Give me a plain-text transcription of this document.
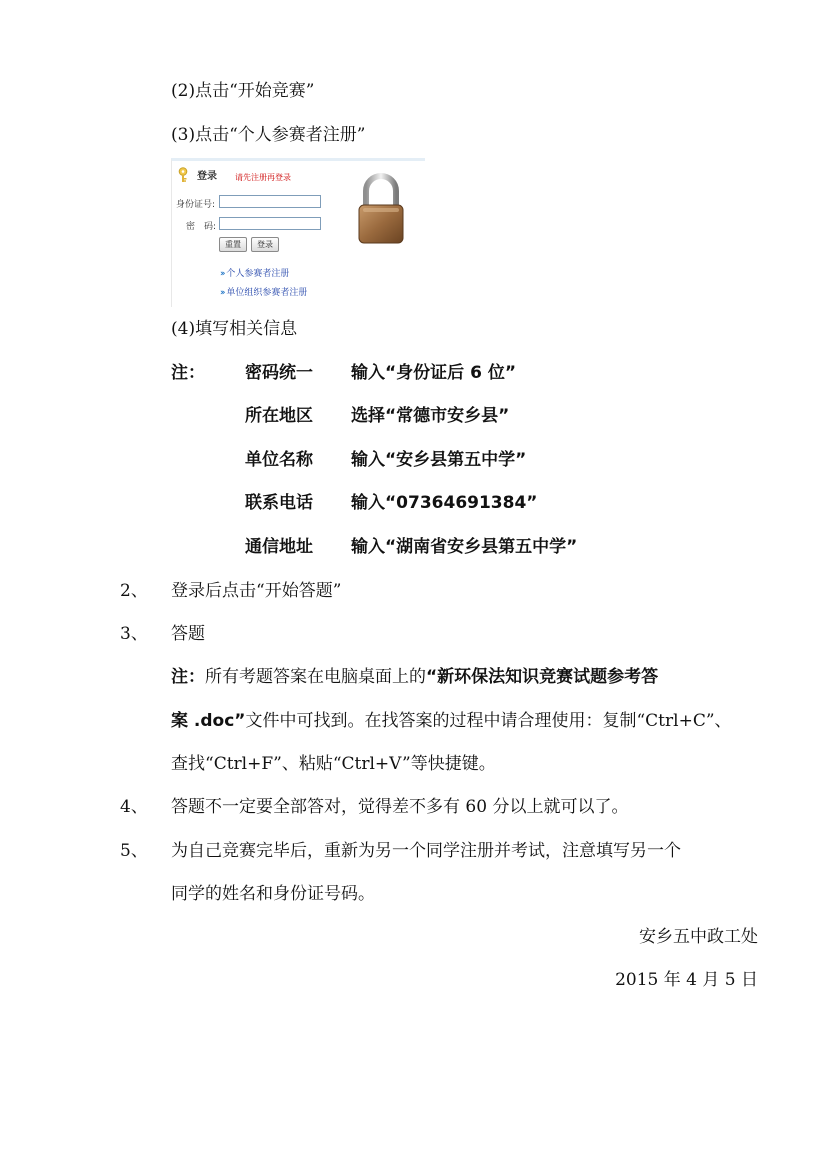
(2)点击“开始竞赛”
(3)点击“个人参赛者注册”
登录 请先注册再登录
身份证号:
密　码:
重置	登录
›› 个人参赛者注册
›› 单位组织参赛者注册
(4)填写相关信息
注： 密码统一 输入“身份证后 6 位”
所在地区 选择“常德市安乡县”
单位名称 输入“安乡县第五中学”
联系电话 输入“07364691384”
通信地址 输入“湖南省安乡县第五中学”
2、 登录后点击“开始答题”
3、 答题
注：所有考题答案在电脑桌面上的“新环保法知识竞赛试题参考答
案 .doc”文件中可找到。在找答案的过程中请合理使用：复制“Ctrl+C”、
查找“Ctrl+F”、粘贴“Ctrl+V”等快捷键。
4、 答题不一定要全部答对，觉得差不多有 60 分以上就可以了。
5、 为自己竞赛完毕后，重新为另一个同学注册并考试，注意填写另一个
同学的姓名和身份证号码。
安乡五中政工处
2015 年 4 月 5 日
